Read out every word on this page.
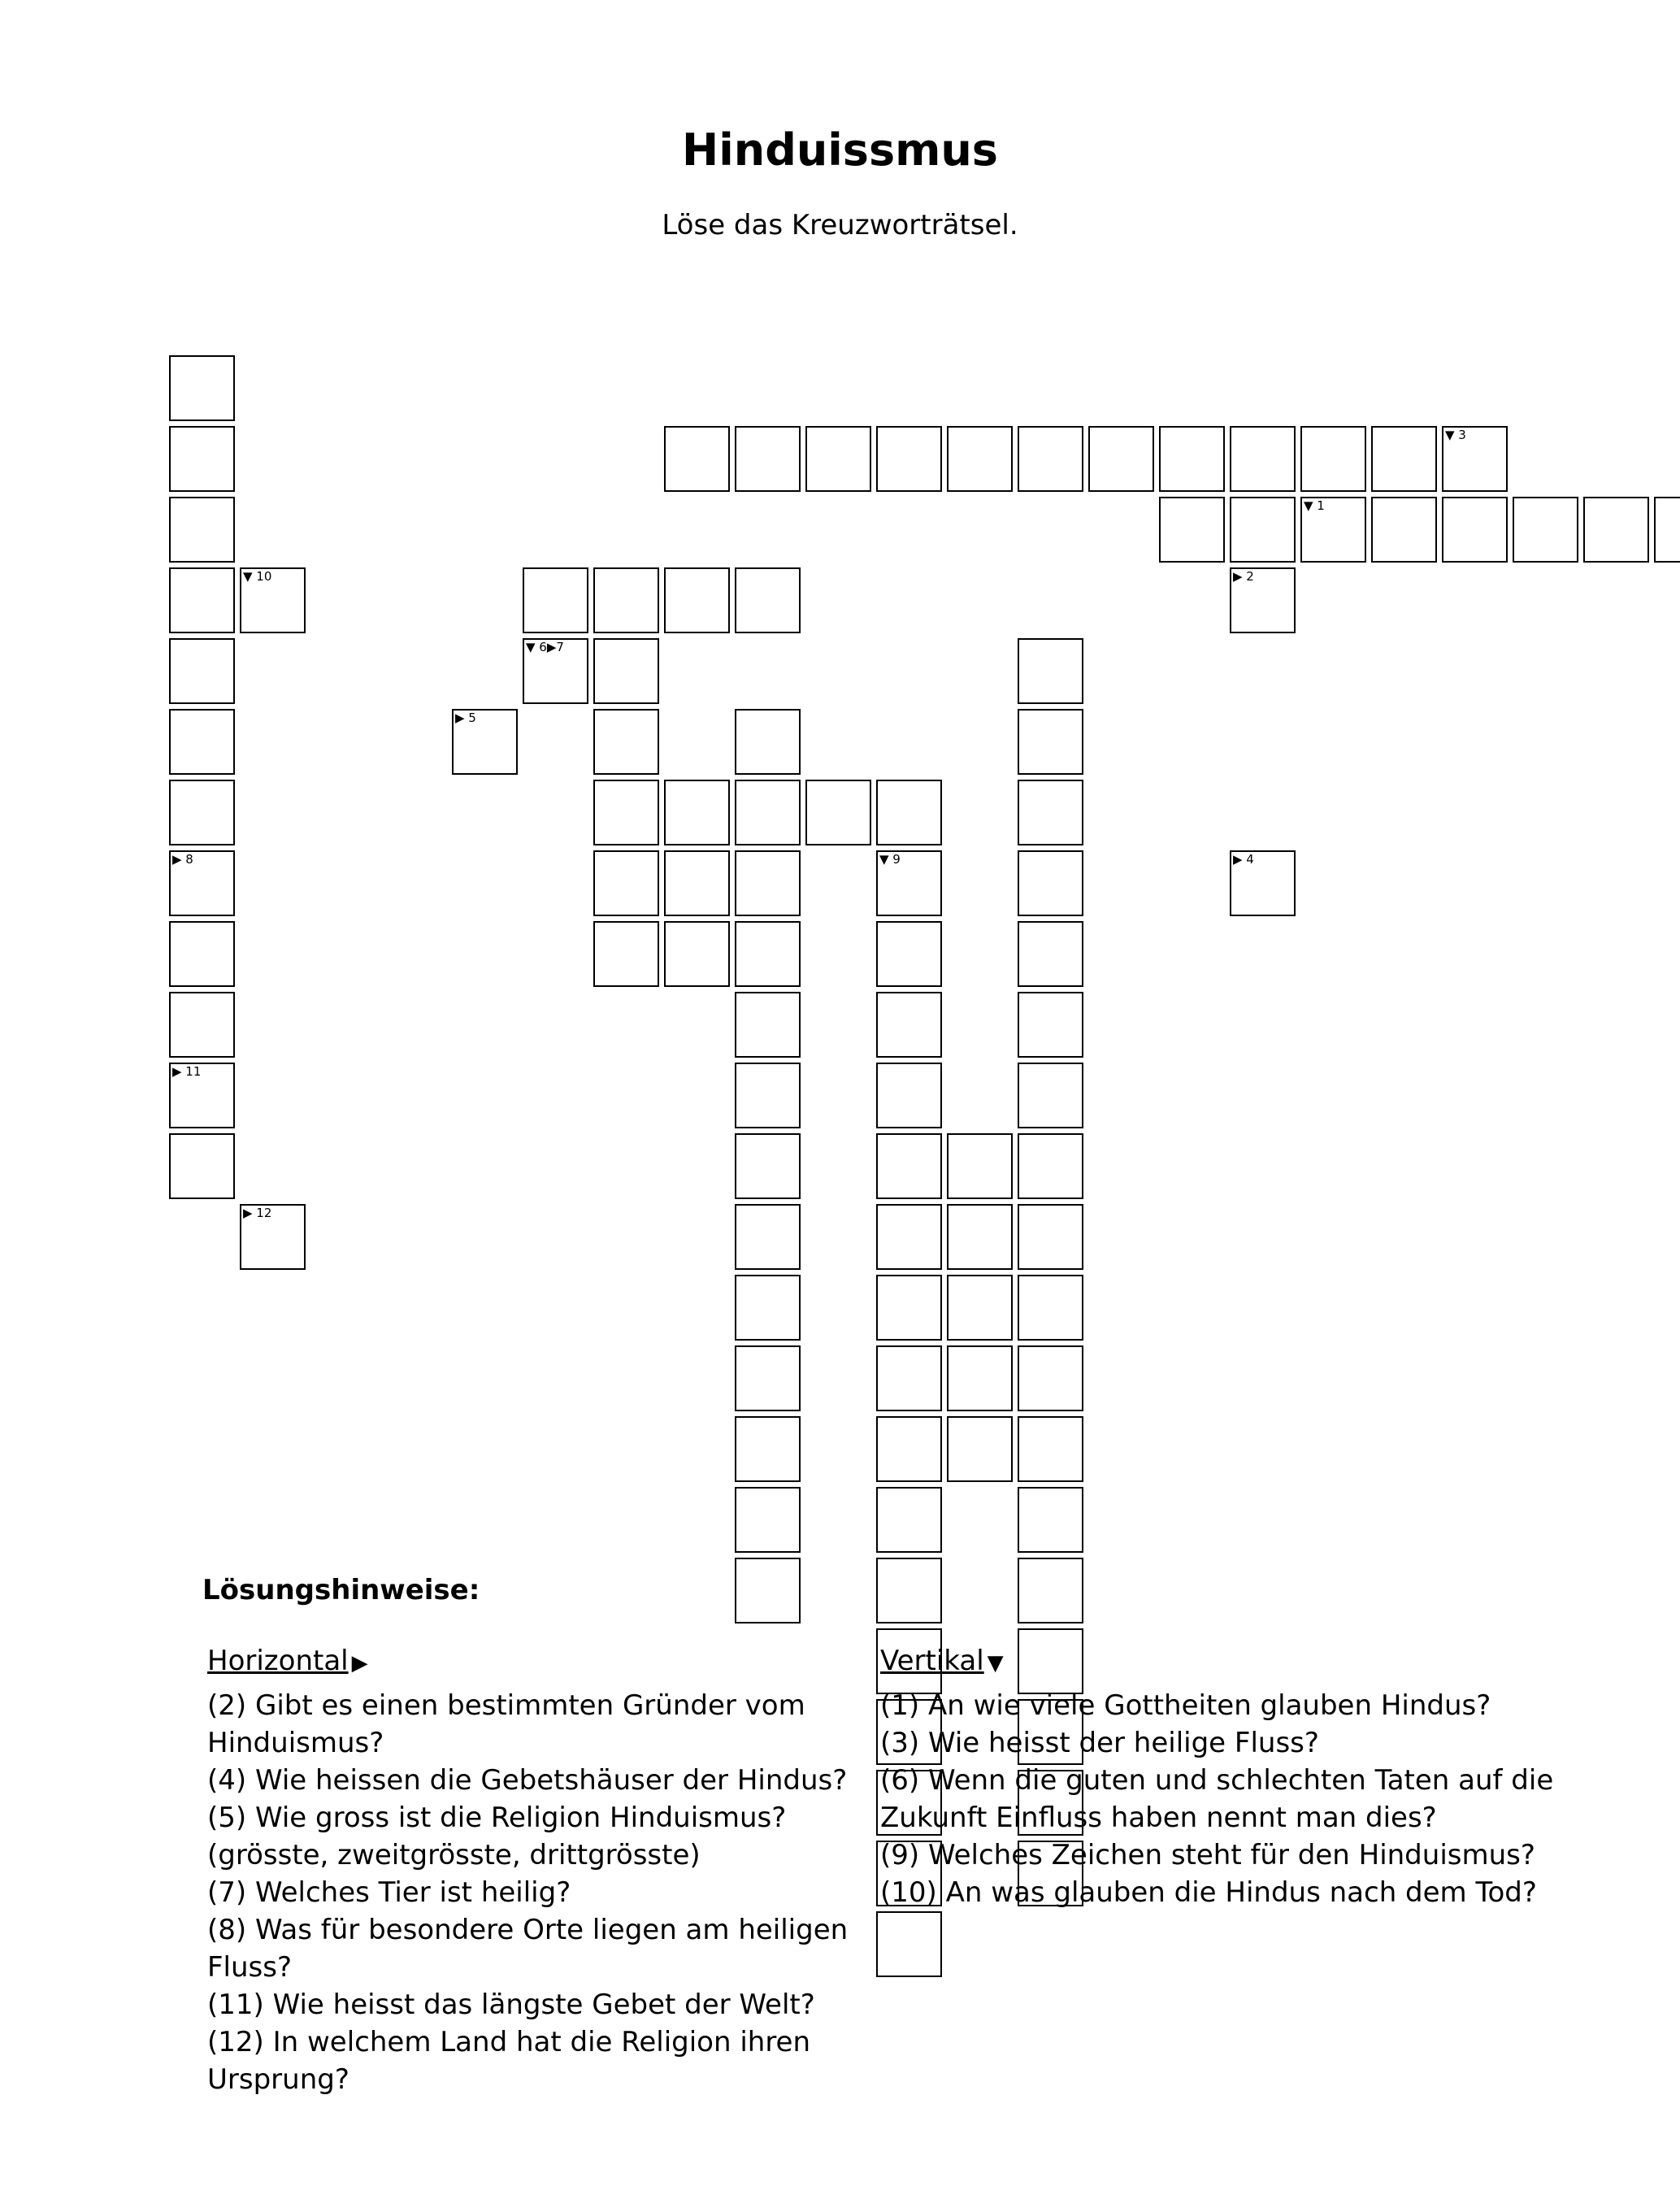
Hinduissmus
Löse das Kreuzworträtsel.
▶ 8
▶ 11
▼ 3
▼ 1
▼ 6▶7
▼ 9
▶ 2
▼ 10
▶ 5
▶ 4
▶ 12
Lösungshinweise:
Horizontal ▶

(2) Gibt es einen bestimmten Gründer vom Hinduismus?

(4) Wie heissen die Gebetshäuser der Hindus?

(5) Wie gross ist die Religion Hinduismus? (grösste, zweitgrösste, drittgrösste)

(7) Welches Tier ist heilig?

(8) Was für besondere Orte liegen am heiligen Fluss?

(11) Wie heisst das längste Gebet der Welt?

(12) In welchem Land hat die Religion ihren Ursprung?

Vertikal ▼

(1) An wie viele Gottheiten glauben Hindus?

(3) Wie heisst der heilige Fluss?

(6) Wenn die guten und schlechten Taten auf die Zukunft Einfluss haben nennt man dies?

(9) Welches Zeichen steht für den Hinduismus?

(10) An was glauben die Hindus nach dem Tod?
